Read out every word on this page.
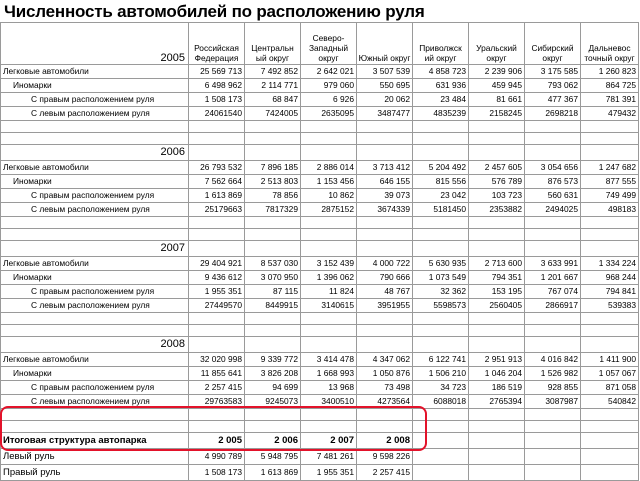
Численность автомобилей по расположению руля
2005	Российская Федерация	Центральн ый округ	Северо-Западный округ	Южный округ	Приволжск ий округ	Уральский округ	Сибирский округ	Дальневос точный округ
Легковые автомобили	25 569 713	7 492 852	2 642 021	3 507 539	4 858 723	2 239 906	3 175 585	1 260 823
Иномарки	6 498 962	2 114 771	979 060	550 695	631 936	459 945	793 062	864 725
С правым расположением руля	1 508 173	68 847	6 926	20 062	23 484	81 661	477 367	781 391
С левым расположением руля	24061540	7424005	2635095	3487477	4835239	2158245	2698218	479432

2006								
Легковые автомобили	26 793 532	7 896 185	2 886 014	3 713 412	5 204 492	2 457 605	3 054 656	1 247 682
Иномарки	7 562 664	2 513 803	1 153 456	646 155	815 556	576 789	876 573	877 555
С правым расположением руля	1 613 869	78 856	10 862	39 073	23 042	103 723	560 631	749 499
С левым расположением руля	25179663	7817329	2875152	3674339	5181450	2353882	2494025	498183

2007								
Легковые автомобили	29 404 921	8 537 030	3 152 439	4 000 722	5 630 935	2 713 600	3 633 991	1 334 224
Иномарки	9 436 612	3 070 950	1 396 062	790 666	1 073 549	794 351	1 201 667	968 244
С правым расположением руля	1 955 351	87 115	11 824	48 767	32 362	153 195	767 074	794 841
С левым расположением руля	27449570	8449915	3140615	3951955	5598573	2560405	2866917	539383

2008								
Легковые автомобили	32 020 998	9 339 772	3 414 478	4 347 062	6 122 741	2 951 913	4 016 842	1 411 900
Иномарки	11 855 641	3 826 208	1 668 993	1 050 876	1 506 210	1 046 204	1 526 982	1 057 067
С правым расположением руля	2 257 415	94 699	13 968	73 498	34 723	186 519	928 855	871 058
С левым расположением руля	29763583	9245073	3400510	4273564	6088018	2765394	3087987	540842

Итоговая структура автопарка	2 005	2 006	2 007	2 008				
Левый руль	4 990 789	5 948 795	7 481 261	9 598 226				
Правый руль	1 508 173	1 613 869	1 955 351	2 257 415				
